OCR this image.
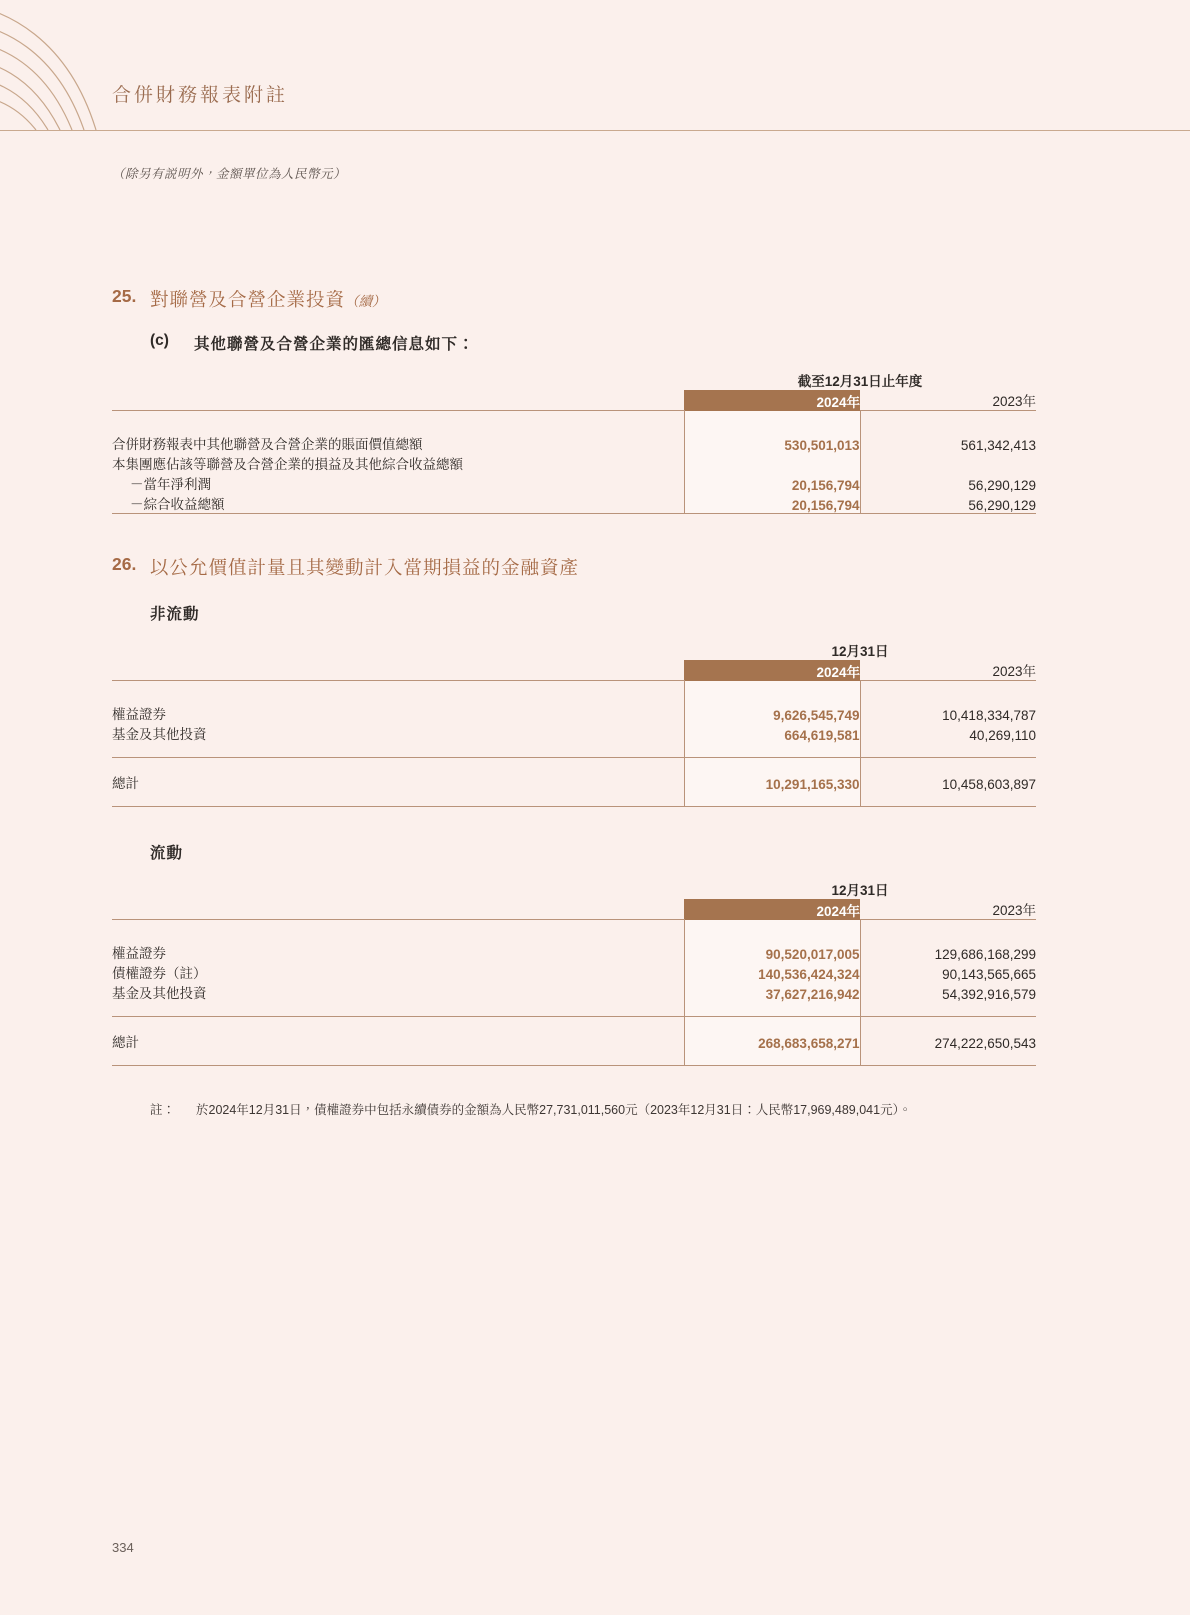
合併財務報表附註
（除另有説明外，金額單位為人民幣元）
25. 對聯營及合營企業投資（續）
(c)	其他聯營及合營企業的匯總信息如下：
	截至12月31日止年度	
	2024年	2023年

合併財務報表中其他聯營及合營企業的賬面價值總額	530,501,013	561,342,413
本集團應佔該等聯營及合營企業的損益及其他綜合收益總額		
－當年淨利潤	20,156,794	56,290,129
－綜合收益總額	20,156,794	56,290,129
26. 以公允價值計量且其變動計入當期損益的金融資產
非流動
	12月31日	
	2024年	2023年

權益證券	9,626,545,749	10,418,334,787
基金及其他投資	664,619,581	40,269,110

總計	10,291,165,330	10,458,603,897

流動
	12月31日	
	2024年	2023年

權益證券	90,520,017,005	129,686,168,299
債權證券（註）	140,536,424,324	90,143,565,665
基金及其他投資	37,627,216,942	54,392,916,579

總計	268,683,658,271	274,222,650,543

註：	於2024年12月31日，債權證券中包括永續債券的金額為人民幣27,731,011,560元（2023年12月31日：人民幣17,969,489,041元）。
334
